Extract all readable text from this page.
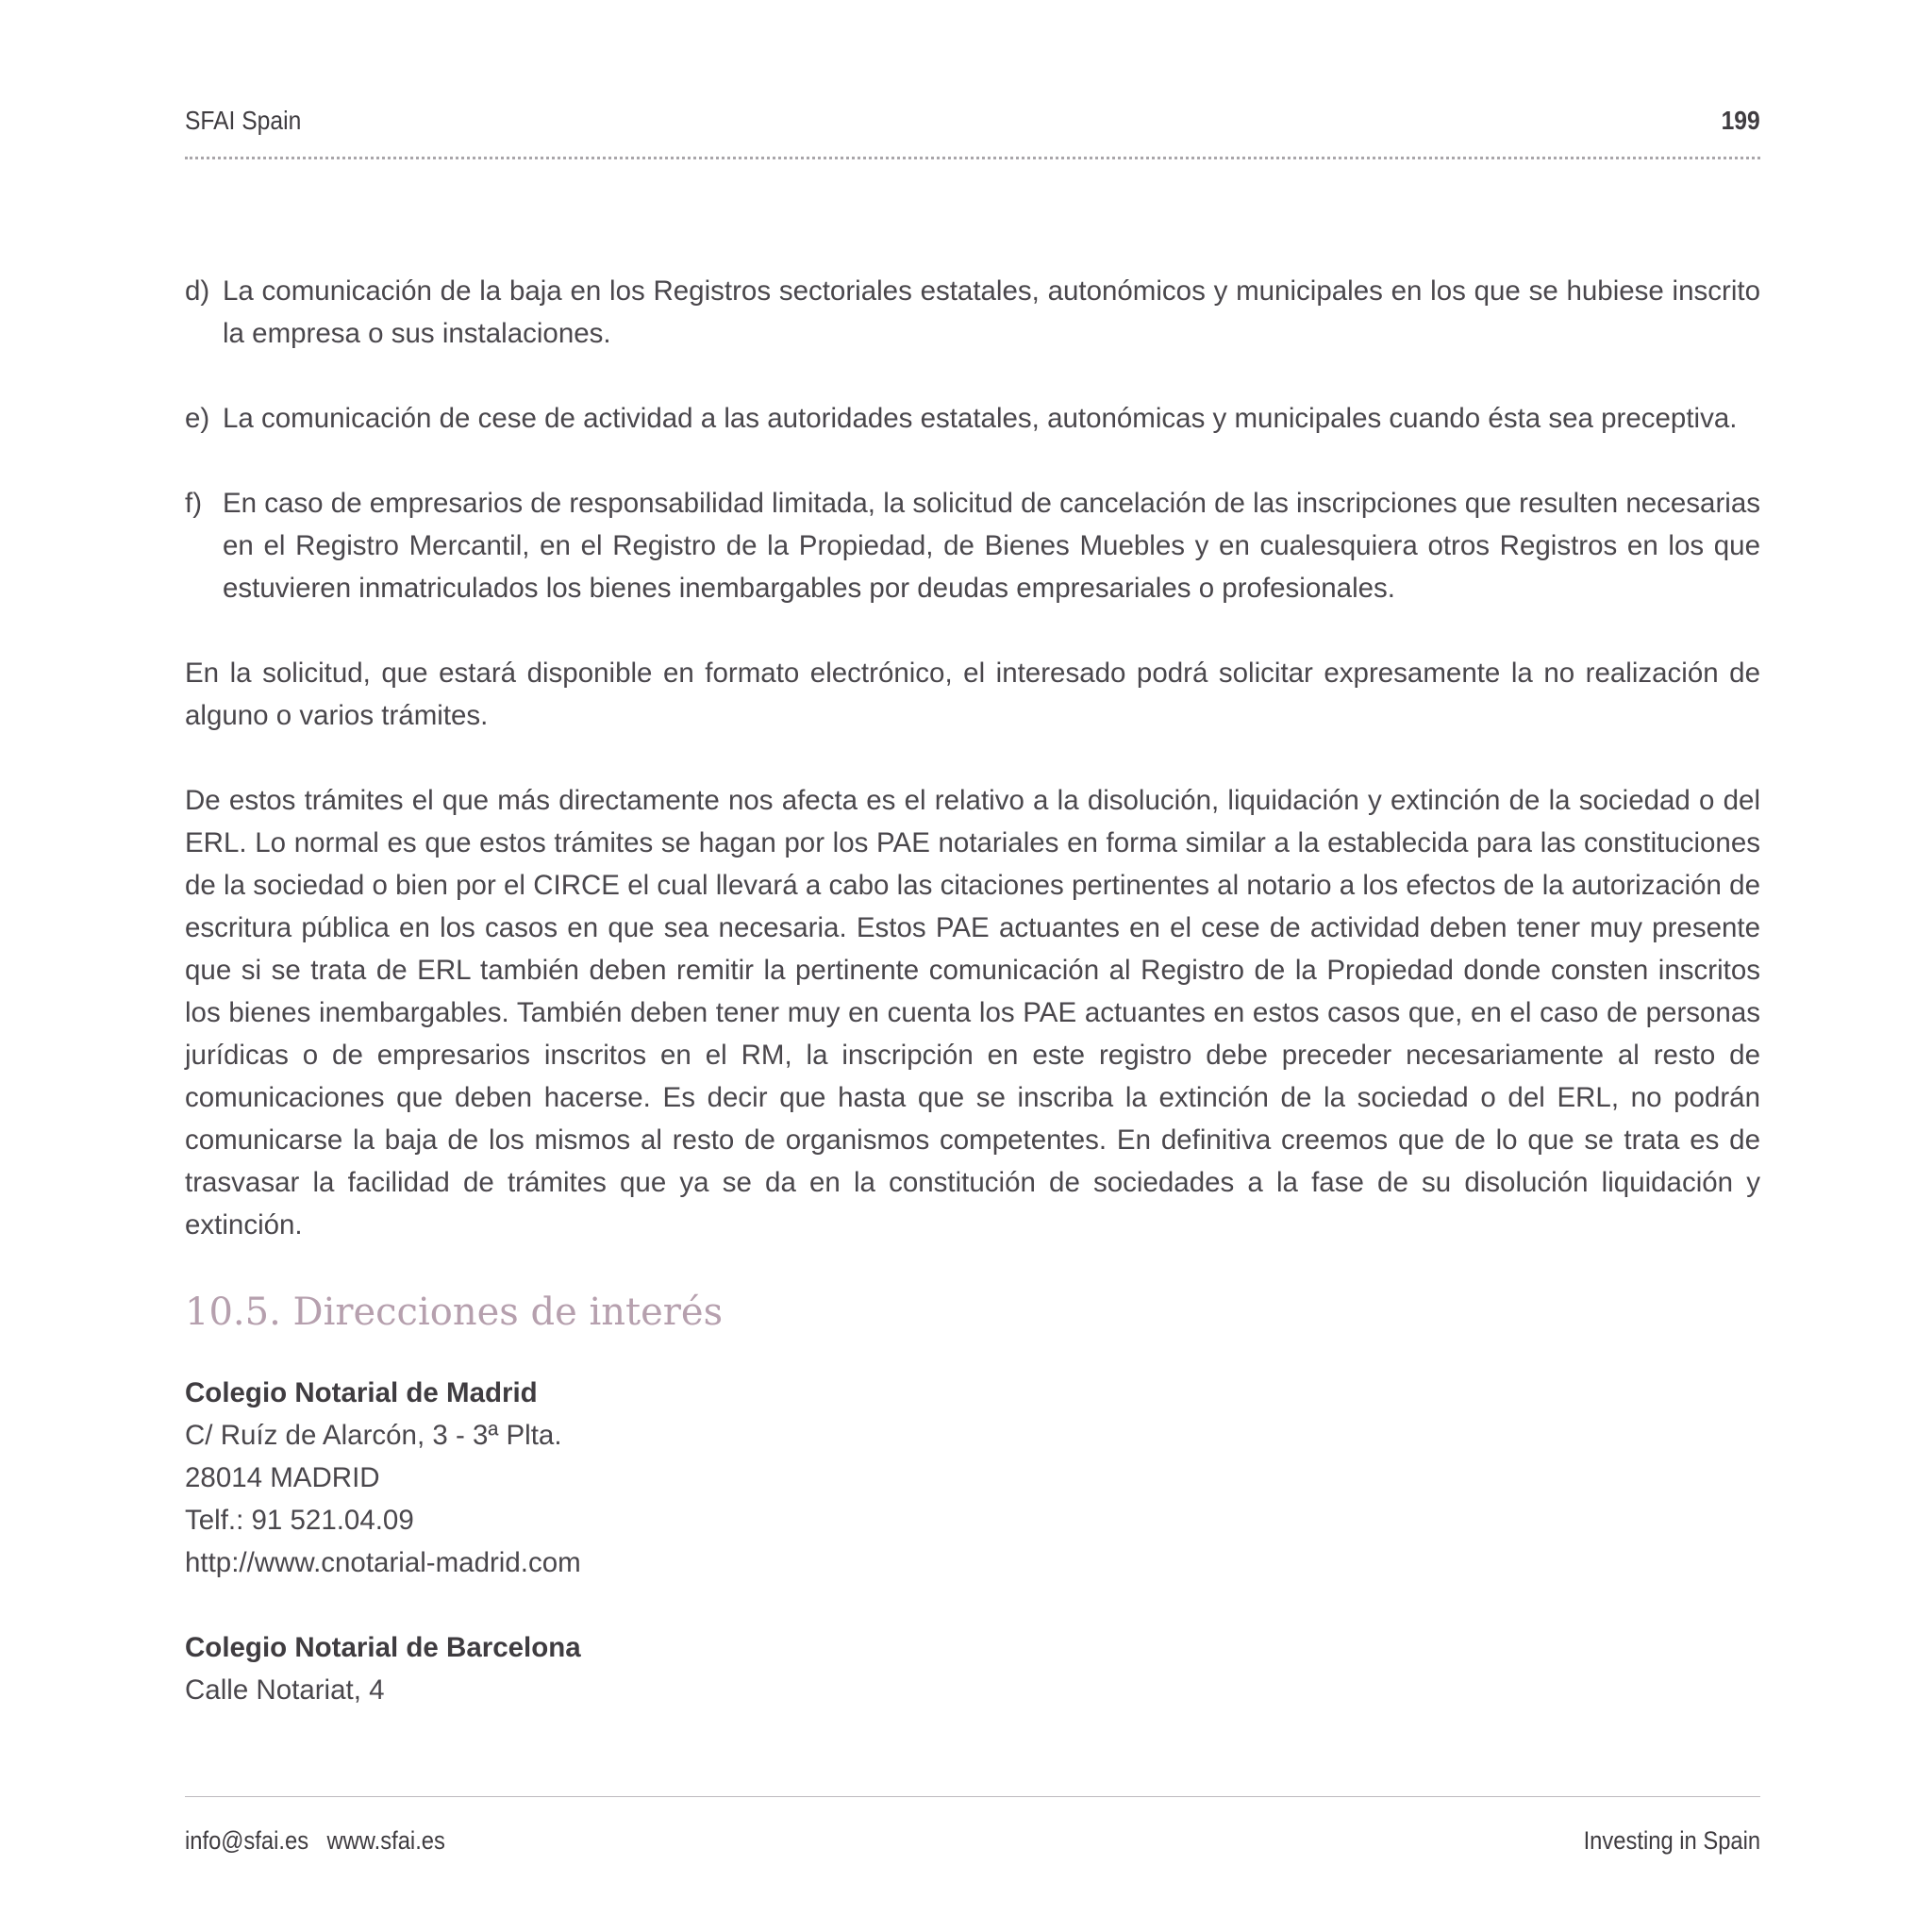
SFAI Spain	199
d) La comunicación de la baja en los Registros sectoriales estatales, autonómicos y municipales en los que se hubiese inscrito la empresa o sus instalaciones.
e) La comunicación de cese de actividad a las autoridades estatales, autonómicas y municipales cuando ésta sea preceptiva.
f) En caso de empresarios de responsabilidad limitada, la solicitud de cancelación de las inscripciones que resulten necesarias en el Registro Mercantil, en el Registro de la Propiedad, de Bienes Muebles y en cualesquiera otros Registros en los que estuvieren inmatriculados los bienes inembargables por deudas empresariales o profesionales.

En la solicitud, que estará disponible en formato electrónico, el interesado podrá solicitar expresamente la no realización de alguno o varios trámites.

De estos trámites el que más directamente nos afecta es el relativo a la disolución, liquidación y extinción de la sociedad o del ERL. Lo normal es que estos trámites se hagan por los PAE notariales en forma similar a la establecida para las constituciones de la sociedad o bien por el CIRCE el cual llevará a cabo las citaciones pertinentes al notario a los efectos de la autorización de escritura pública en los casos en que sea necesaria. Estos PAE actuantes en el cese de actividad deben tener muy presente que si se trata de ERL también deben remitir la pertinente comunicación al Registro de la Propiedad donde consten inscritos los bienes inembargables. También deben tener muy en cuenta los PAE actuantes en estos casos que, en el caso de personas jurídicas o de empresarios inscritos en el RM, la inscripción en este registro debe preceder necesariamente al resto de comunicaciones que deben hacerse. Es decir que hasta que se inscriba la extinción de la sociedad o del ERL, no podrán comunicarse la baja de los mismos al resto de organismos competentes. En definitiva creemos que de lo que se trata es de trasvasar la facilidad de trámites que ya se da en la constitución de sociedades a la fase de su disolución liquidación y extinción.

10.5. Direcciones de interés
Colegio Notarial de Madrid
C/ Ruíz de Alarcón, 3 - 3ª Plta.
28014 MADRID
Telf.: 91 521.04.09
http://www.cnotarial-madrid.com
Colegio Notarial de Barcelona
Calle Notariat, 4
info@sfai.es www.sfai.es	Investing in Spain
